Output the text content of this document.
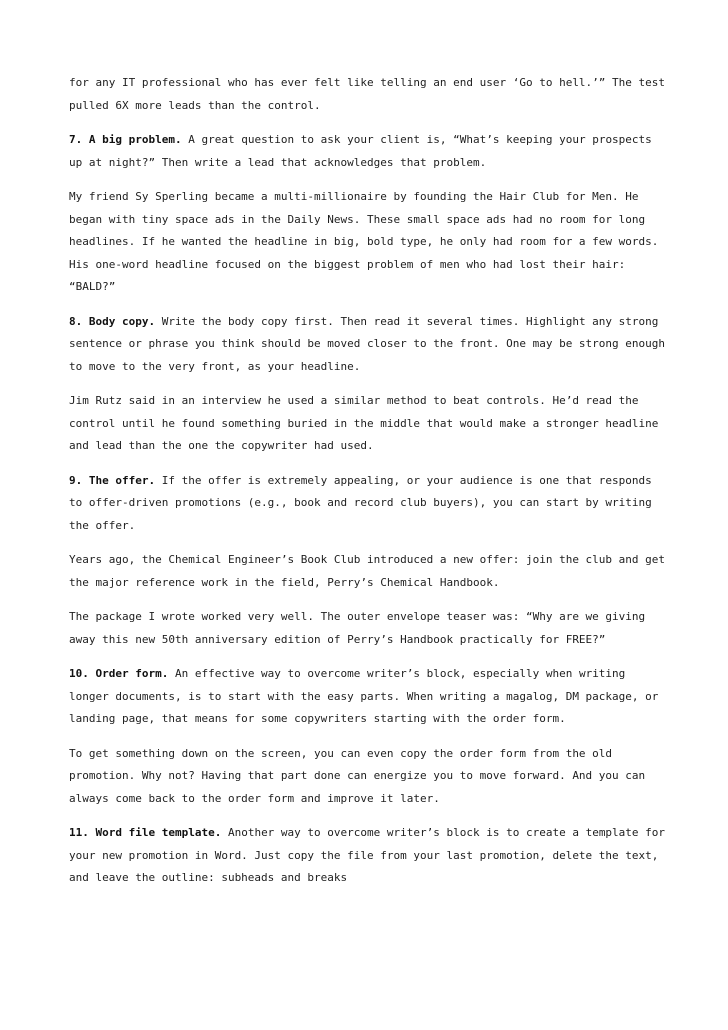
for any IT professional who has ever felt like telling an end user ‘Go to hell.’” The test pulled 6X more leads than the control.

7. A big problem. A great question to ask your client is, “What’s keeping your prospects up at night?” Then write a lead that acknowledges that problem.

My friend Sy Sperling became a multi-millionaire by founding the Hair Club for Men. He began with tiny space ads in the Daily News. These small space ads had no room for long headlines. If he wanted the headline in big, bold type, he only had room for a few words. His one-word headline focused on the biggest problem of men who had lost their hair: “BALD?”

8. Body copy. Write the body copy first. Then read it several times. Highlight any strong sentence or phrase you think should be moved closer to the front. One may be strong enough to move to the very front, as your headline.

Jim Rutz said in an interview he used a similar method to beat controls. He’d read the control until he found something buried in the middle that would make a stronger headline and lead than the one the copywriter had used.

9. The offer. If the offer is extremely appealing, or your audience is one that responds to offer-driven promotions (e.g., book and record club buyers), you can start by writing the offer.

Years ago, the Chemical Engineer’s Book Club introduced a new offer: join the club and get the major reference work in the field, Perry’s Chemical Handbook.

The package I wrote worked very well. The outer envelope teaser was: “Why are we giving away this new 50th anniversary edition of Perry’s Handbook practically for FREE?”

10. Order form. An effective way to overcome writer’s block, especially when writing longer documents, is to start with the easy parts. When writing a magalog, DM package, or landing page, that means for some copywriters starting with the order form.

To get something down on the screen, you can even copy the order form from the old promotion. Why not? Having that part done can energize you to move forward. And you can always come back to the order form and improve it later.

11. Word file template. Another way to overcome writer’s block is to create a template for your new promotion in Word. Just copy the file from your last promotion, delete the text, and leave the outline: subheads and breaks
